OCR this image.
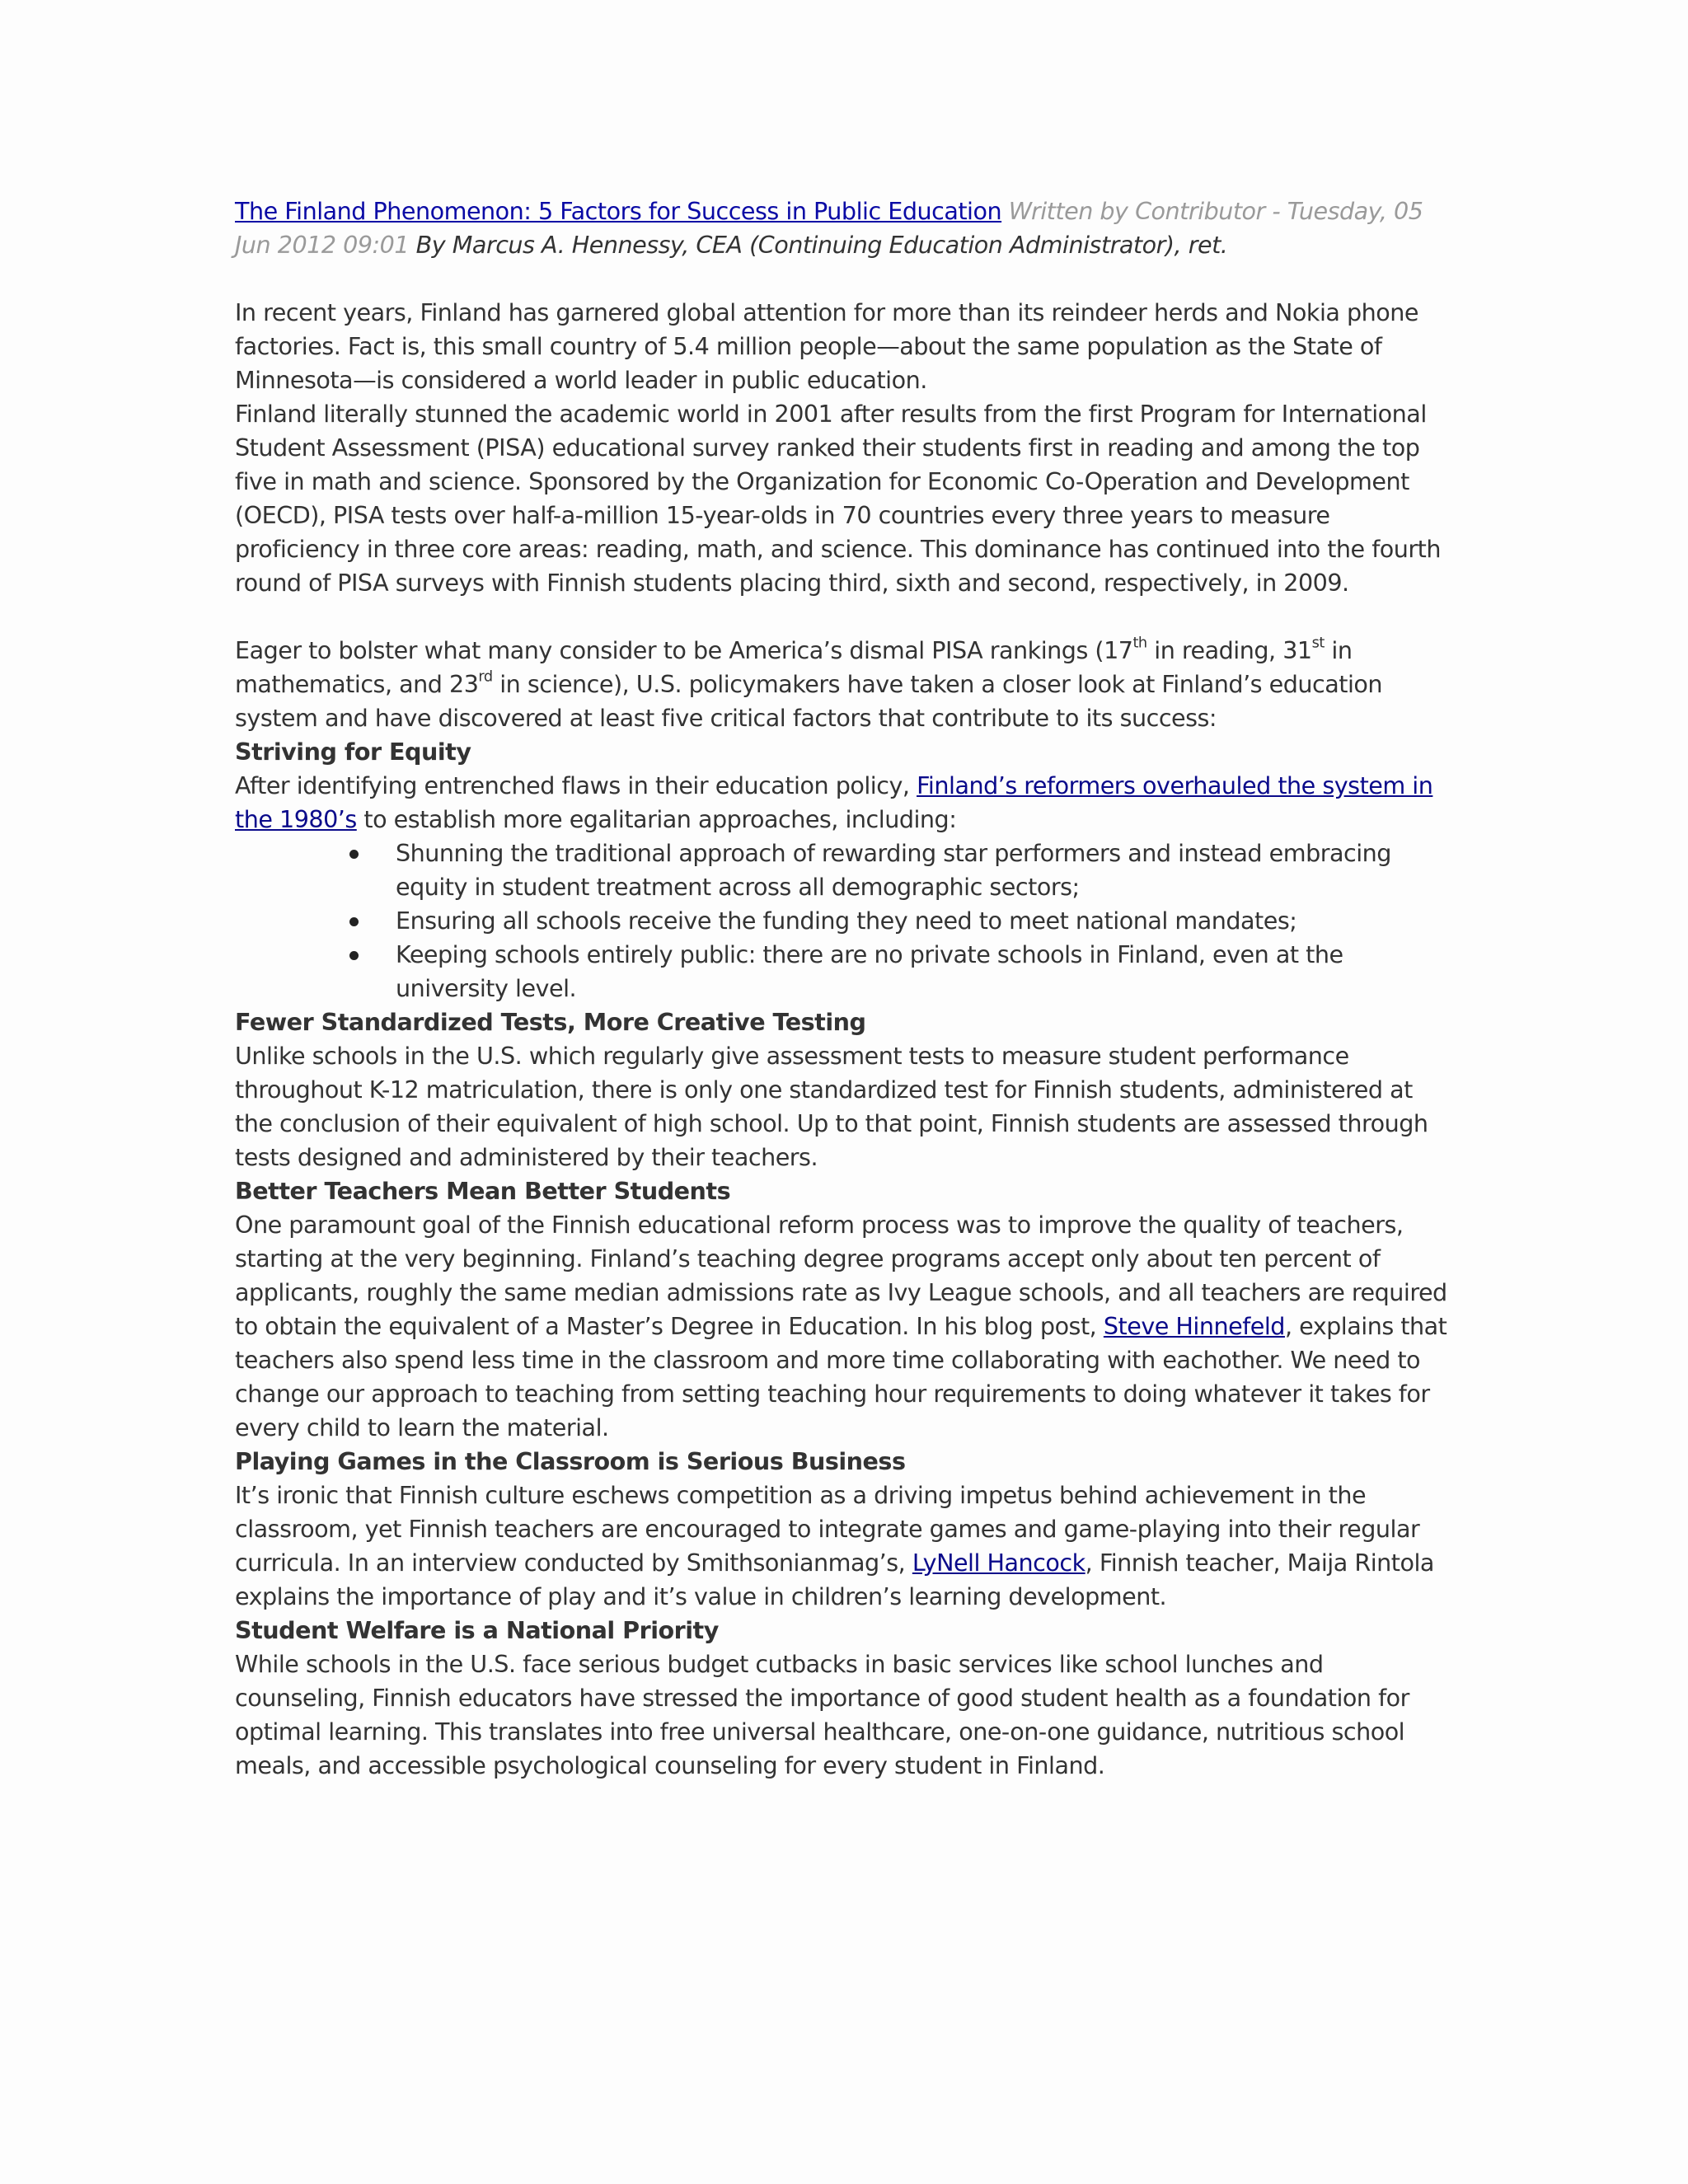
The Finland Phenomenon: 5 Factors for Success in Public Education Written by Contributor - Tuesday, 05 Jun 2012 09:01 By Marcus A. Hennessy, CEA (Continuing Education Administrator), ret.

In recent years, Finland has garnered global attention for more than its reindeer herds and Nokia phone factories. Fact is, this small country of 5.4 million people—about the same population as the State of Minnesota—is considered a world leader in public education.

Finland literally stunned the academic world in 2001 after results from the first Program for International Student Assessment (PISA) educational survey ranked their students first in reading and among the top five in math and science. Sponsored by the Organization for Economic Co-Operation and Development (OECD), PISA tests over half-a-million 15-year-olds in 70 countries every three years to measure proficiency in three core areas: reading, math, and science. This dominance has continued into the fourth round of PISA surveys with Finnish students placing third, sixth and second, respectively, in 2009.

Eager to bolster what many consider to be America’s dismal PISA rankings (17th in reading, 31st in mathematics, and 23rd in science), U.S. policymakers have taken a closer look at Finland’s education system and have discovered at least five critical factors that contribute to its success:

Striving for Equity

After identifying entrenched flaws in their education policy, Finland’s reformers overhauled the system in the 1980’s to establish more egalitarian approaches, including:

Shunning the traditional approach of rewarding star performers and instead embracing equity in student treatment across all demographic sectors;
Ensuring all schools receive the funding they need to meet national mandates;
Keeping schools entirely public: there are no private schools in Finland, even at the university level.

Fewer Standardized Tests, More Creative Testing

Unlike schools in the U.S. which regularly give assessment tests to measure student performance throughout K-12 matriculation, there is only one standardized test for Finnish students, administered at the conclusion of their equivalent of high school. Up to that point, Finnish students are assessed through tests designed and administered by their teachers.

Better Teachers Mean Better Students

One paramount goal of the Finnish educational reform process was to improve the quality of teachers, starting at the very beginning. Finland’s teaching degree programs accept only about ten percent of applicants, roughly the same median admissions rate as Ivy League schools, and all teachers are required to obtain the equivalent of a Master’s Degree in Education. In his blog post, Steve Hinnefeld, explains that teachers also spend less time in the classroom and more time collaborating with eachother. We need to change our approach to teaching from setting teaching hour requirements to doing whatever it takes for every child to learn the material.

Playing Games in the Classroom is Serious Business

It’s ironic that Finnish culture eschews competition as a driving impetus behind achievement in the classroom, yet Finnish teachers are encouraged to integrate games and game-playing into their regular curricula. In an interview conducted by Smithsonianmag’s, LyNell Hancock, Finnish teacher, Maija Rintola explains the importance of play and it’s value in children’s learning development.

Student Welfare is a National Priority

While schools in the U.S. face serious budget cutbacks in basic services like school lunches and counseling, Finnish educators have stressed the importance of good student health as a foundation for optimal learning. This translates into free universal healthcare, one-on-one guidance, nutritious school meals, and accessible psychological counseling for every student in Finland.
